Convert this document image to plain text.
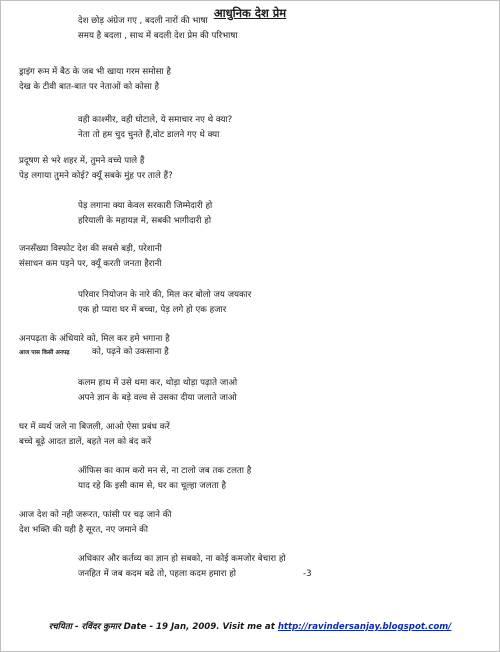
आधुनिक देश प्रेम
देश छोड़ अंग्रेज गए , बदली नारों की भाषा
समय है बदला , साथ में बदली देश प्रेम की परिभाषा
ड्राइंग रूम में बैठ के जब भी खाया गरम समोसा है
देख के टीवी बात-बात पर नेताओं को कोसा है
वही काश्मीर, वही घोटाले, ये समाचार नए थे क्या?
नेता तो हम चुद चुनते हैं,वोट डालने गए थे क्या
प्रदूषण से भरे शहर में, तुमने वच्चे पाले हैं
पेड़ लगाया तुमने कोई? क्यूँ सबके मुंह पर ताले हैं?
पेड़ लगाना क्या केवल सरकारी जिम्मेदारी हो
हरियाली के महायज्ञ में, सबकी भागीदारी हो
जनसँख्या विस्फोट देश की सबसे बड़ी, परेशानी
संसाधन कम पड़ने पर, क्यूँ करती जनता हैरानी
परिवार नियोजन के नारे की, मिल कर बोलो जय जयकार
एक हो प्यारा घर में बच्चा, पेड़ लगे हो एक हजार
अनपढ़ता के अंधियारे को, मिल कर हमे भगाना है
आज पास किसी अनपढ़	को, पढ़ने को उकसाना है
कलम हाथ में उसे थमा कर, थोड़ा थोड़ा पढ़ाते जाओ
अपने ज्ञान के बड़े वल्व से उसका दीया जलाते जाओ
घर में व्यर्थ जले ना बिजली, आओ ऐसा प्रबंध करें
बच्चे बूढ़े आदत डालें, बहते नल को बंद करें
ऑफिस का काम करो मन से, ना टालो जब तक टलता है
याद रहे कि इसी काम से, घर का चूल्हा जलता है
आज देश को नही जरूरत, फांसी पर चढ़ जाने की
देश भक्ति की यही है सूरत, नए जमाने की
अधिकार और कर्तव्य का ज्ञान हो सबको, ना कोई कमजोर बेचारा हो
जनहित में जब कदम बढे तो, पहला कदम हमारा हो	-3
रचयिता - रविंदर कुमार Date - 19 Jan, 2009. Visit me at http://ravindersanjay.blogspot.com/
